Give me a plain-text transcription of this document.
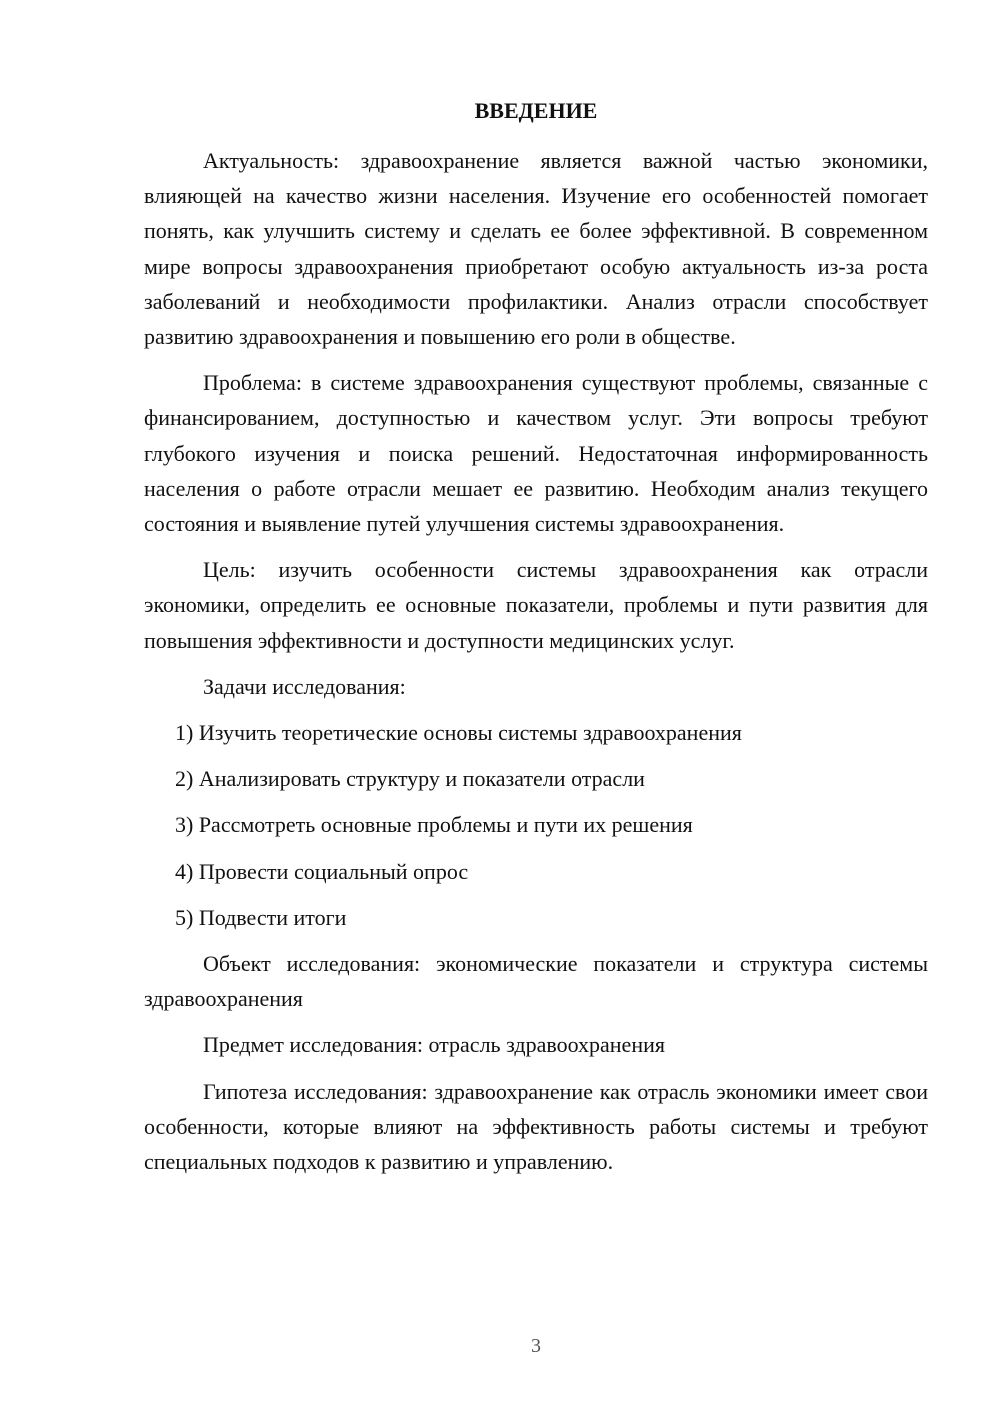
ВВЕДЕНИЕ

Актуальность: здравоохранение является важной частью экономики, влияющей на качество жизни населения. Изучение его особенностей помогает понять, как улучшить систему и сделать ее более эффективной. В современном мире вопросы здравоохранения приобретают особую актуальность из-за роста заболеваний и необходимости профилактики. Анализ отрасли способствует развитию здравоохранения и повышению его роли в обществе.

Проблема: в системе здравоохранения существуют проблемы, связанные с финансированием, доступностью и качеством услуг. Эти вопросы требуют глубокого изучения и поиска решений. Недостаточная информированность населения о работе отрасли мешает ее развитию. Необходим анализ текущего состояния и выявление путей улучшения системы здравоохранения.

Цель: изучить особенности системы здравоохранения как отрасли экономики, определить ее основные показатели, проблемы и пути развития для повышения эффективности и доступности медицинских услуг.

Задачи исследования:

1) Изучить теоретические основы системы здравоохранения

2) Анализировать структуру и показатели отрасли

3) Рассмотреть основные проблемы и пути их решения

4) Провести социальный опрос

5) Подвести итоги

Объект исследования: экономические показатели и структура системы здравоохранения

Предмет исследования: отрасль здравоохранения

Гипотеза исследования: здравоохранение как отрасль экономики имеет свои особенности, которые влияют на эффективность работы системы и требуют специальных подходов к развитию и управлению.

3
